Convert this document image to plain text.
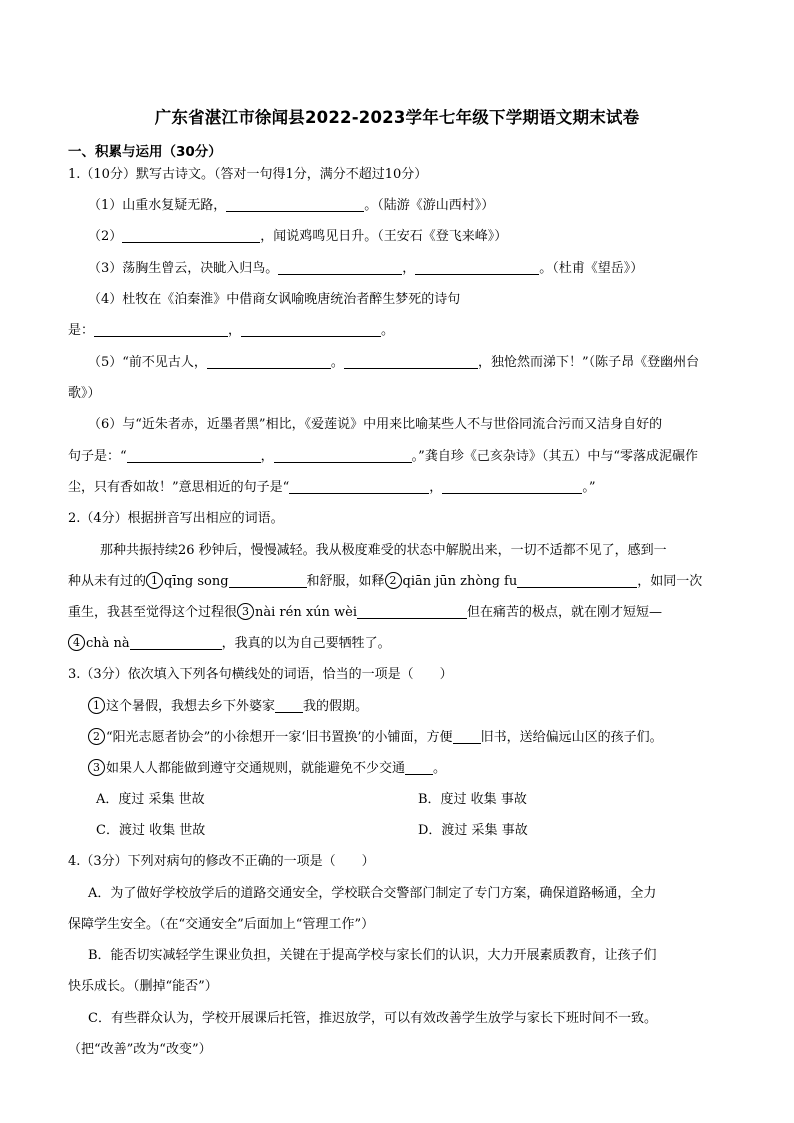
广东省湛江市徐闻县2022-2023学年七年级下学期语文期末试卷
一、积累与运用（30分）
1.（10分）默写古诗文。（答对一句得1分，满分不超过10分）
（1）山重水复疑无路，	。（陆游《游山西村》）
（2）	，闻说鸡鸣见日升。（王安石《登飞来峰》）
（3）荡胸生曾云，决眦入归鸟。	，	。（杜甫《望岳》）
（4）杜牧在《泊秦淮》中借商女讽喻晚唐统治者醉生梦死的诗句
是：	，	。
（5）“前不见古人，	。	，独怆然而涕下！”（陈子昂《登幽州台
歌》）
（6）与“近朱者赤，近墨者黑”相比，《爱莲说》中用来比喻某些人不与世俗同流合污而又洁身自好的
句子是：“	，	。”龚自珍《己亥杂诗》（其五）中与“零落成泥碾作
尘，只有香如故！”意思相近的句子是“	，	。”
2.（4分）根据拼音写出相应的词语。
那种共振持续26 秒钟后，慢慢减轻。我从极度难受的状态中解脱出来，一切不适都不见了，感到一
种从未有过的 1 qīng song	和舒服，如释 2 qiān jūn zhòng fu	，如同一次
重生，我甚至觉得这个过程很 3 nài rén xún wèi	但在痛苦的极点，就在刚才短短—
4 chà nà	，我真的以为自己要牺牲了。
3.（3分）依次填入下列各句横线处的词语，恰当的一项是（　　）
1 这个暑假，我想去乡下外婆家 我的假期。
2 “阳光志愿者协会”的小徐想开一家‘旧书置换’的小铺面，方便 旧书，送给偏远山区的孩子们。
3 如果人人都能做到遵守交通规则，就能避免不少交通 。
A．度过 采集 世故	B．度过 收集 事故
C．渡过 收集 世故	D．渡过 采集 事故
4.（3分）下列对病句的修改不正确的一项是（　　）
A．为了做好学校放学后的道路交通安全，学校联合交警部门制定了专门方案，确保道路畅通，全力
保障学生安全。（在“交通安全”后面加上“管理工作”）
B．能否切实减轻学生课业负担，关键在于提高学校与家长们的认识，大力开展素质教育，让孩子们
快乐成长。（删掉“能否”）
C．有些群众认为，学校开展课后托管，推迟放学，可以有效改善学生放学与家长下班时间不一致。
（把“改善”改为“改变”）
